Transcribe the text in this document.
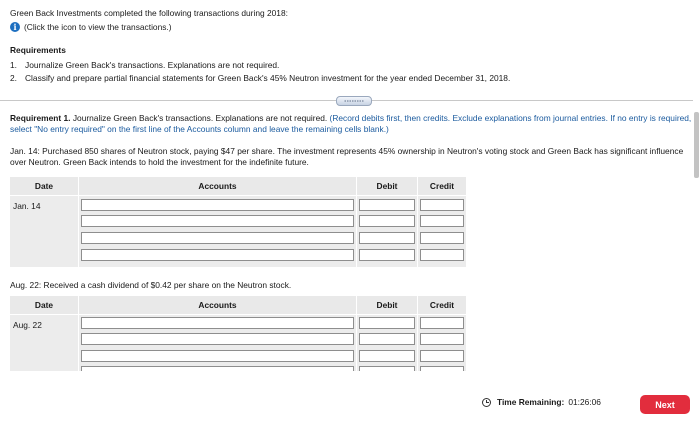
Green Back Investments completed the following transactions during 2018:
i (Click the icon to view the transactions.)
Requirements
1. Journalize Green Back's transactions. Explanations are not required.
2. Classify and prepare partial financial statements for Green Back's 45% Neutron investment for the year ended December 31, 2018.
Requirement 1. Journalize Green Back's transactions. Explanations are not required. (Record debits first, then credits. Exclude explanations from journal entries. If no entry is required, select "No entry required" on the first line of the Accounts column and leave the remaining cells blank.)
Jan. 14: Purchased 850 shares of Neutron stock, paying $47 per share. The investment represents 45% ownership in Neutron's voting stock and Green Back has significant influence over Neutron. Green Back intends to hold the investment for the indefinite future.
Date	Accounts	Debit	Credit
Jan. 14
Aug. 22: Received a cash dividend of $0.42 per share on the Neutron stock.
Date	Accounts	Debit	Credit
Aug. 22
Time Remaining: 01:26:06	Next
